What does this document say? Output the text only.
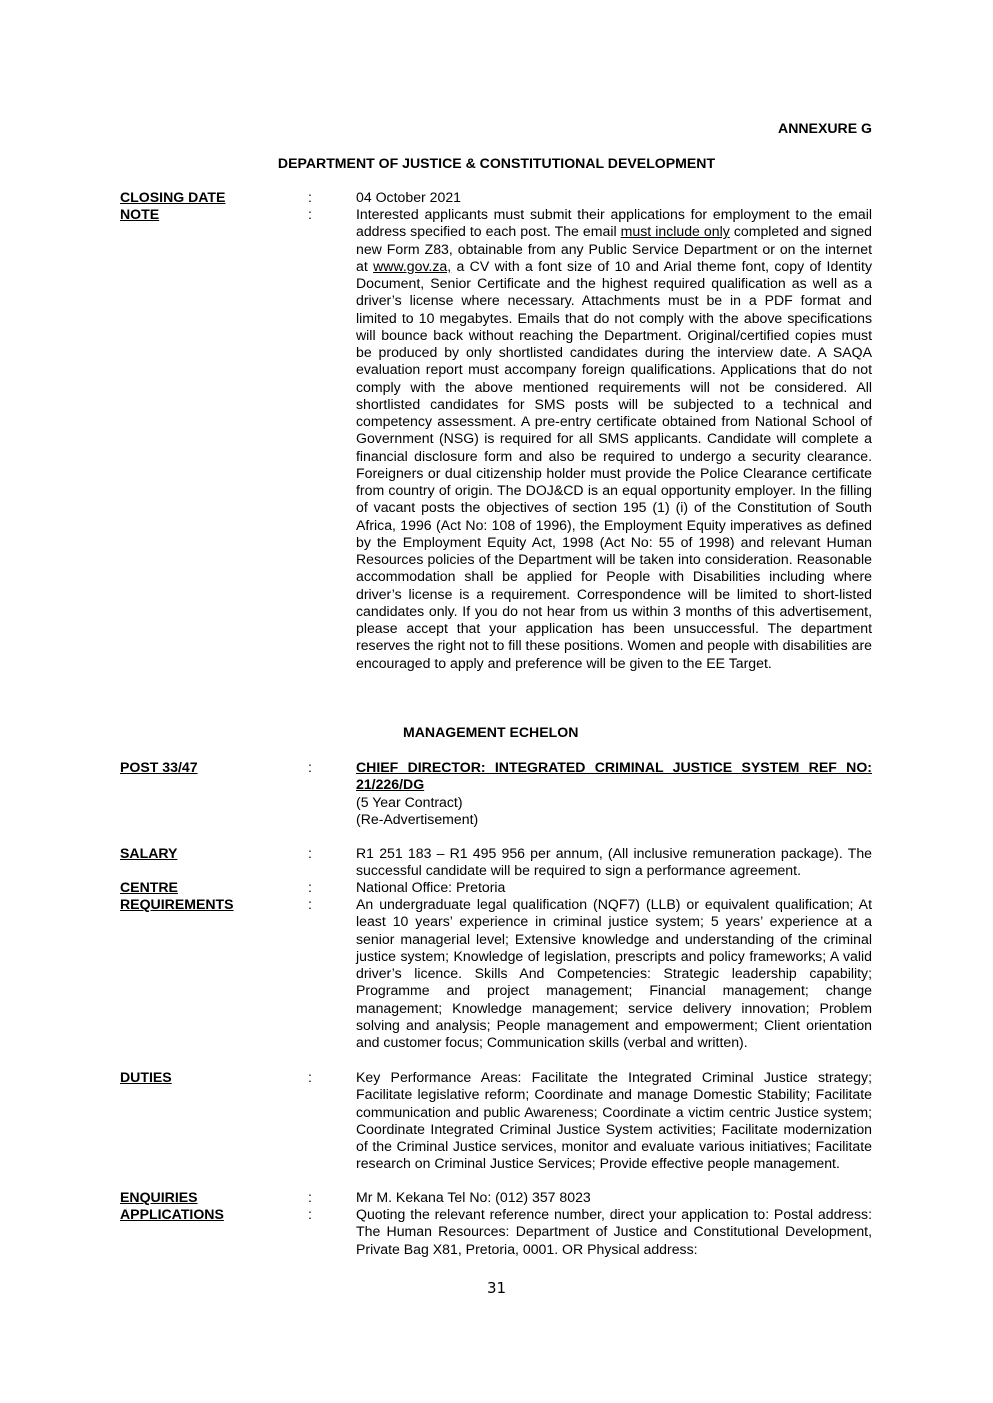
ANNEXURE G
DEPARTMENT OF JUSTICE & CONSTITUTIONAL DEVELOPMENT
CLOSING DATE	:	04 October 2021
NOTE	:	Interested applicants must submit their applications for employment to the email address specified to each post. The email must include only completed and signed new Form Z83, obtainable from any Public Service Department or on the internet at www.gov.za, a CV with a font size of 10 and Arial theme font, copy of Identity Document, Senior Certificate and the highest required qualification as well as a driver’s license where necessary. Attachments must be in a PDF format and limited to 10 megabytes. Emails that do not comply with the above specifications will bounce back without reaching the Department. Original/certified copies must be produced by only shortlisted candidates during the interview date. A SAQA evaluation report must accompany foreign qualifications. Applications that do not comply with the above mentioned requirements will not be considered. All shortlisted candidates for SMS posts will be subjected to a technical and competency assessment. A pre-entry certificate obtained from National School of Government (NSG) is required for all SMS applicants. Candidate will complete a financial disclosure form and also be required to undergo a security clearance. Foreigners or dual citizenship holder must provide the Police Clearance certificate from country of origin. The DOJ&CD is an equal opportunity employer. In the filling of vacant posts the objectives of section 195 (1) (i) of the Constitution of South Africa, 1996 (Act No: 108 of 1996), the Employment Equity imperatives as defined by the Employment Equity Act, 1998 (Act No: 55 of 1998) and relevant Human Resources policies of the Department will be taken into consideration. Reasonable accommodation shall be applied for People with Disabilities including where driver’s license is a requirement. Correspondence will be limited to short-listed candidates only. If you do not hear from us within 3 months of this advertisement, please accept that your application has been unsuccessful. The department reserves the right not to fill these positions. Women and people with disabilities are encouraged to apply and preference will be given to the EE Target.
MANAGEMENT ECHELON
POST 33/47	:	CHIEF DIRECTOR: INTEGRATED CRIMINAL JUSTICE SYSTEM REF NO: 21/226/DG
(5 Year Contract)
(Re-Advertisement)
SALARY	:	R1 251 183 – R1 495 956 per annum, (All inclusive remuneration package). The successful candidate will be required to sign a performance agreement.
CENTRE	:	National Office: Pretoria
REQUIREMENTS	:	An undergraduate legal qualification (NQF7) (LLB) or equivalent qualification; At least 10 years’ experience in criminal justice system; 5 years’ experience at a senior managerial level; Extensive knowledge and understanding of the criminal justice system; Knowledge of legislation, prescripts and policy frameworks; A valid driver’s licence. Skills And Competencies: Strategic leadership capability; Programme and project management; Financial management; change management; Knowledge management; service delivery innovation; Problem solving and analysis; People management and empowerment; Client orientation and customer focus; Communication skills (verbal and written).
DUTIES	:	Key Performance Areas: Facilitate the Integrated Criminal Justice strategy; Facilitate legislative reform; Coordinate and manage Domestic Stability; Facilitate communication and public Awareness; Coordinate a victim centric Justice system; Coordinate Integrated Criminal Justice System activities; Facilitate modernization of the Criminal Justice services, monitor and evaluate various initiatives; Facilitate research on Criminal Justice Services; Provide effective people management.
ENQUIRIES	:	Mr M. Kekana Tel No: (012) 357 8023
APPLICATIONS	:	Quoting the relevant reference number, direct your application to: Postal address: The Human Resources: Department of Justice and Constitutional Development, Private Bag X81, Pretoria, 0001. OR Physical address:
31
